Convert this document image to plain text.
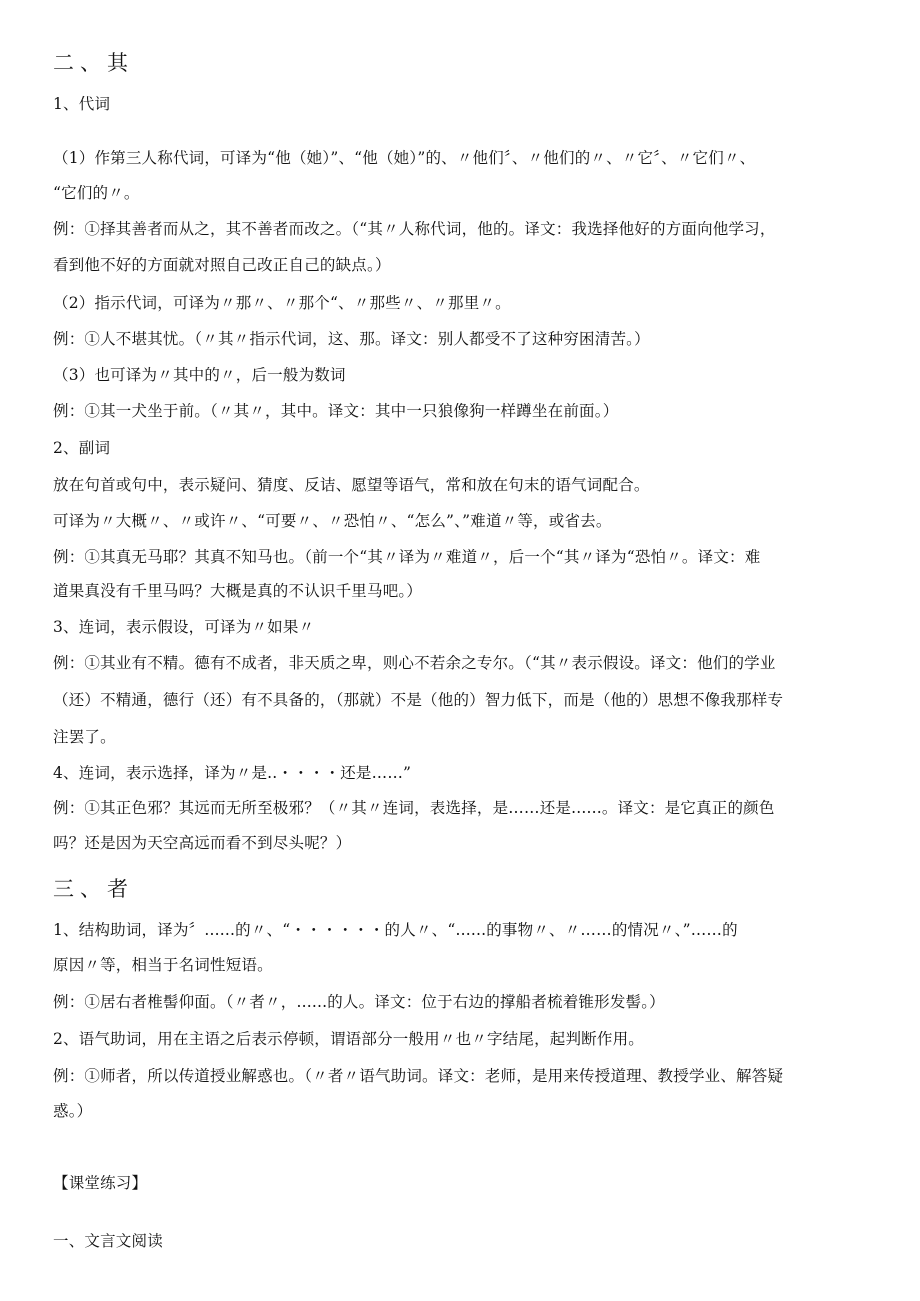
二、其
1、代词
（1）作第三人称代词，可译为“他（她）”、“他（她）”的、〃他们〞、〃他们的〃、〃它〞、〃它们〃、
“它们的〃。
例：①择其善者而从之，其不善者而改之。（“其〃人称代词，他的。译文：我选择他好的方面向他学习，
看到他不好的方面就对照自己改正自己的缺点。）
（2）指示代词，可译为〃那〃、〃那个“、〃那些〃、〃那里〃。
例：①人不堪其忧。（〃其〃指示代词，这、那。译文：别人都受不了这种穷困清苦。）
（3）也可译为〃其中的〃，后一般为数词
例：①其一犬坐于前。（〃其〃，其中。译文：其中一只狼像狗一样蹲坐在前面。）
2、副词
放在句首或句中，表示疑问、猜度、反诘、愿望等语气，常和放在句末的语气词配合。
可译为〃大概〃、〃或许〃、“可要〃、〃恐怕〃、“怎么”、”难道〃等，或省去。
例：①其真无马耶？其真不知马也。（前一个“其〃译为〃难道〃，后一个“其〃译为“恐怕〃。译文：难
道果真没有千里马吗？大概是真的不认识千里马吧。）
3、连词，表示假设，可译为〃如果〃
例：①其业有不精。德有不成者，非天质之卑，则心不若余之专尔。（“其〃表示假设。译文：他们的学业
（还）不精通，德行（还）有不具备的，（那就）不是（他的）智力低下，而是（他的）思想不像我那样专
注罢了。
4、连词，表示选择，译为〃是..・・・・还是……”
例：①其正色邪？其远而无所至极邪？（〃其〃连词，表选择，是……还是......。译文：是它真正的颜色
吗？还是因为天空高远而看不到尽头呢？）
三、者
1、结构助词，译为〞......的〃、“・・・・・・的人〃、“......的事物〃、〃……的情况〃、”……的
原因〃等，相当于名词性短语。
例：①居右者椎髻仰面。（〃者〃，......的人。译文：位于右边的撑船者梳着锥形发髻。）
2、语气助词，用在主语之后表示停顿，谓语部分一般用〃也〃字结尾，起判断作用。
例：①师者，所以传道授业解惑也。（〃者〃语气助词。译文：老师，是用来传授道理、教授学业、解答疑
惑。）
【课堂练习】
一、文言文阅读
